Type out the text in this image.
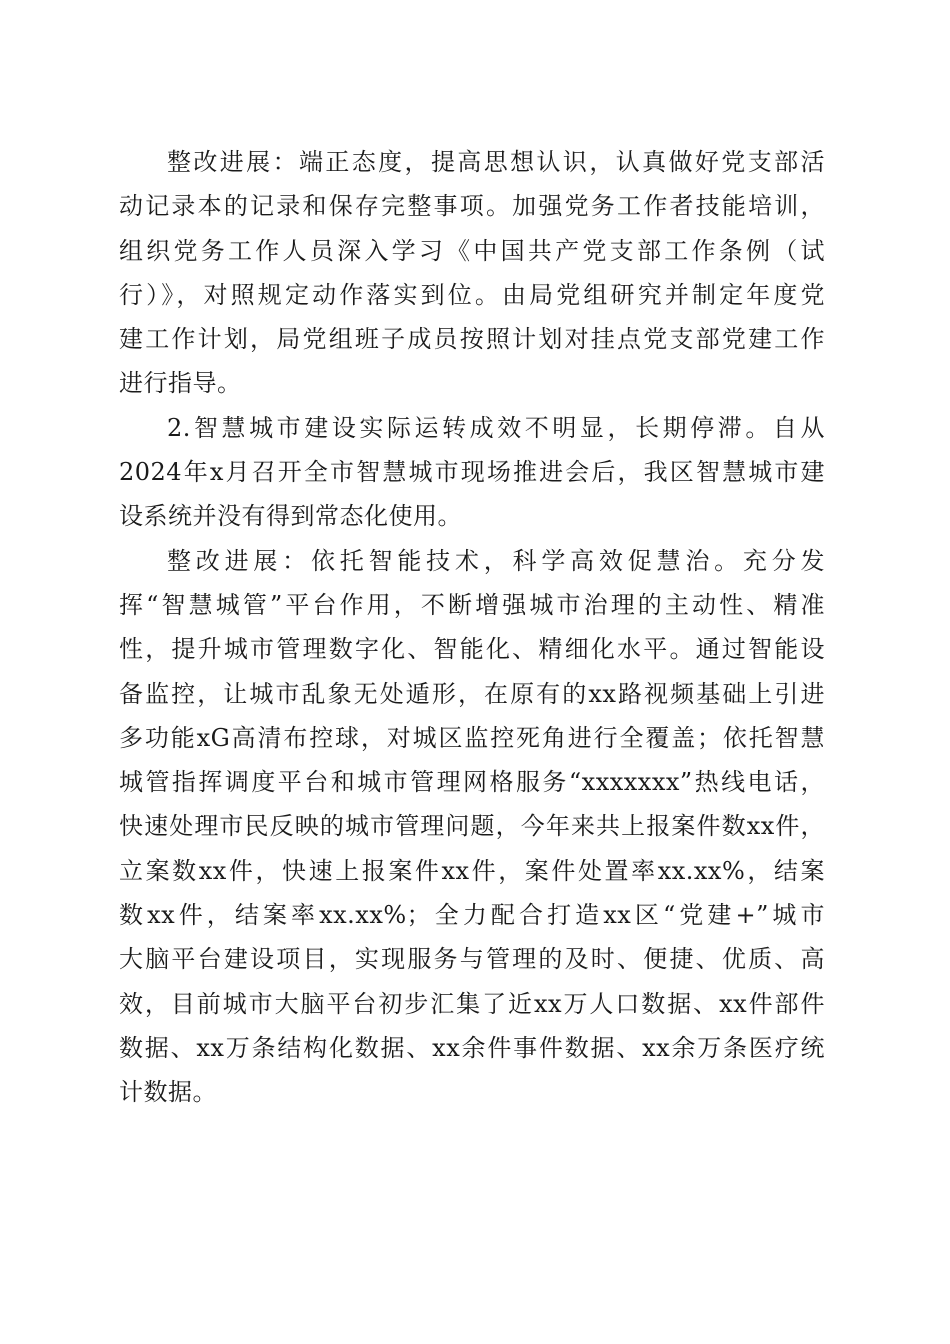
整改进展：端正态度，提高思想认识，认真做好党支部活
动记录本的记录和保存完整事项。加强党务工作者技能培训，
组织党务工作人员深入学习《中国共产党支部工作条例（试
行）》，对照规定动作落实到位。由局党组研究并制定年度党
建工作计划，局党组班子成员按照计划对挂点党支部党建工作
进行指导。
2.智慧城市建设实际运转成效不明显，长期停滞。自从
2024年x月召开全市智慧城市现场推进会后，我区智慧城市建
设系统并没有得到常态化使用。
整改进展：依托智能技术，科学高效促慧治。充分发
挥“智慧城管”平台作用，不断增强城市治理的主动性、精准
性，提升城市管理数字化、智能化、精细化水平。通过智能设
备监控，让城市乱象无处遁形，在原有的xx路视频基础上引进
多功能xG高清布控球，对城区监控死角进行全覆盖；依托智慧
城管指挥调度平台和城市管理网格服务“xxxxxxx”热线电话，
快速处理市民反映的城市管理问题，今年来共上报案件数xx件，
立案数xx件，快速上报案件xx件，案件处置率xx.xx%，结案
数xx件，结案率xx.xx%；全力配合打造xx区“党建+”城市
大脑平台建设项目，实现服务与管理的及时、便捷、优质、高
效，目前城市大脑平台初步汇集了近xx万人口数据、xx件部件
数据、xx万条结构化数据、xx余件事件数据、xx余万条医疗统
计数据。
